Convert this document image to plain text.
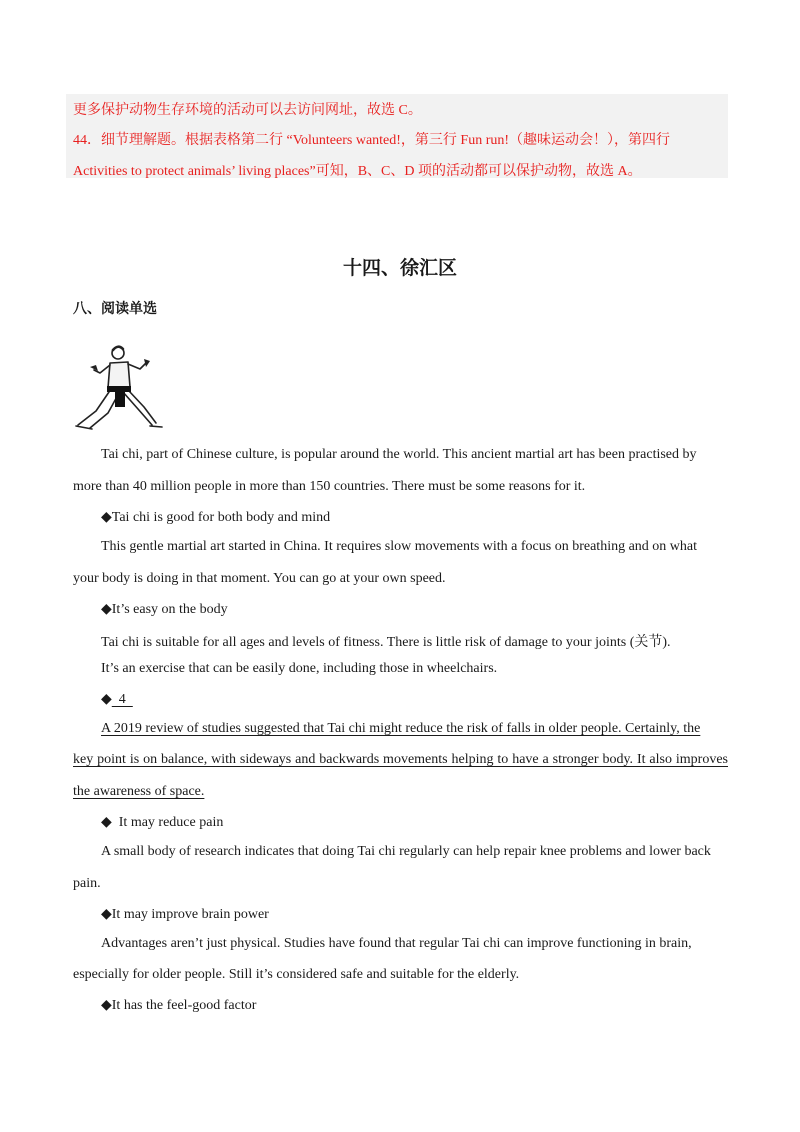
更多保护动物生存环境的活动可以去访问网址，故选 C。
44．细节理解题。根据表格第二行 “Volunteers wanted!，第三行 Fun run!（趣味运动会！），第四行
Activities to protect animals’ living places”可知，B、C、D 项的活动都可以保护动物，故选 A。
十四、徐汇区
八、阅读单选
Tai chi, part of Chinese culture, is popular around the world. This ancient martial art has been practised by
more than 40 million people in more than 150 countries. There must be some reasons for it.
◆Tai chi is good for both body and mind
This gentle martial art started in China. It requires slow movements with a focus on breathing and on what
your body is doing in that moment. You can go at your own speed.
◆It’s easy on the body
Tai chi is suitable for all ages and levels of fitness. There is little risk of damage to your joints (关节).
It’s an exercise that can be easily done, including those in wheelchairs.
◆  4
A 2019 review of studies suggested that Tai chi might reduce the risk of falls in older people. Certainly, the
key point is on balance, with sideways and backwards movements helping to have a stronger body. It also improves
the awareness of space.
◆  It may reduce pain
A small body of research indicates that doing Tai chi regularly can help repair knee problems and lower back
pain.
◆It may improve brain power
Advantages aren’t just physical. Studies have found that regular Tai chi can improve functioning in brain,
especially for older people. Still it’s considered safe and suitable for the elderly.
◆It has the feel-good factor
